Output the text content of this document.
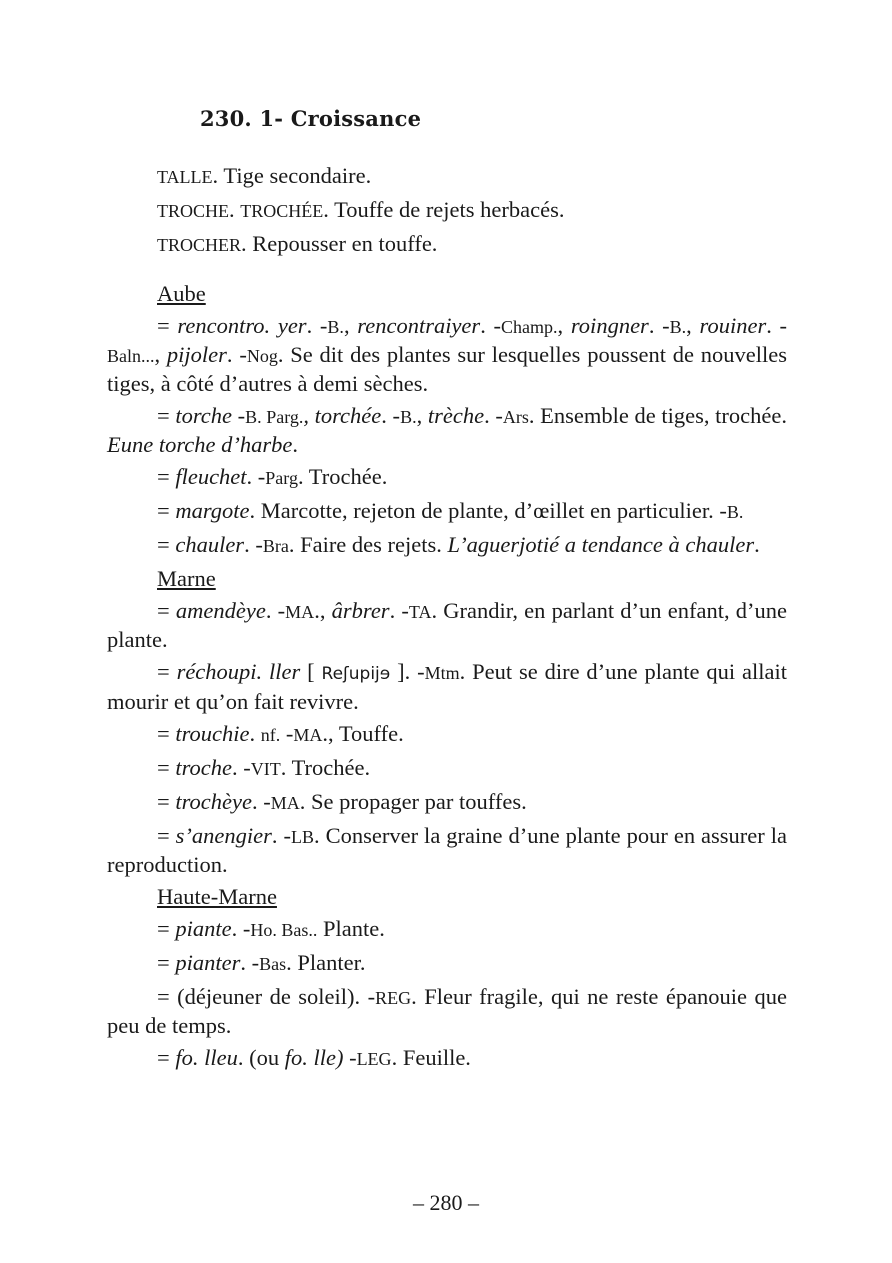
230. 1- Croissance

TALLE. Tige secondaire.

TROCHE. TROCHÉE. Touffe de rejets herbacés.

TROCHER. Repousser en touffe.

Aube

= rencontro. yer. -B., rencontraiyer. -Champ., roingner. -B., rouiner. -Baln..., pijoler. -Nog. Se dit des plantes sur lesquelles poussent de nouvelles tiges, à côté d’autres à demi sèches.

= torche -B. Parg., torchée. -B., trèche. -Ars. Ensemble de tiges, trochée. Eune torche d’harbe.

= fleuchet. -Parg. Trochée.

= margote. Marcotte, rejeton de plante, d’œillet en particulier. -B.

= chauler. -Bra. Faire des rejets. L’aguerjotié a tendance à chauler.

Marne

= amendèye. -MA., ârbrer. -TA. Grandir, en parlant d’un enfant, d’une plante.

= réchoupi. ller [ Reʃupijɘ ]. -Mtm. Peut se dire d’une plante qui allait mourir et qu’on fait revivre.

= trouchie. nf. -MA., Touffe.

= troche. -VIT. Trochée.

= trochèye. -MA. Se propager par touffes.

= s’anengier. -LB. Conserver la graine d’une plante pour en assurer la reproduction.

Haute-Marne

= piante. -Ho. Bas.. Plante.

= pianter. -Bas. Planter.

= (déjeuner de soleil). -REG. Fleur fragile, qui ne reste épanouie que peu de temps.

= fo. lleu. (ou fo. lle) -LEG. Feuille.

– 280 –
